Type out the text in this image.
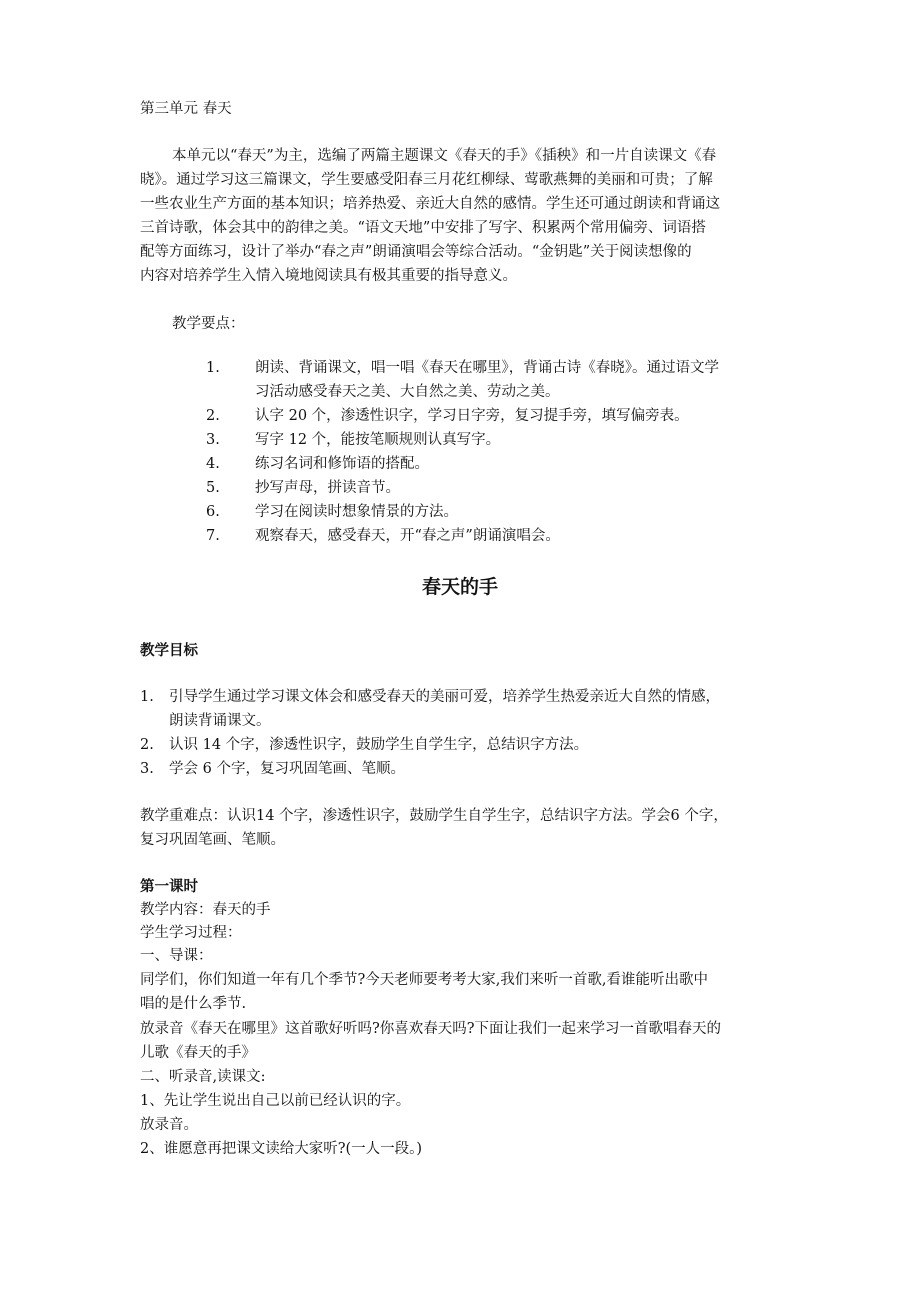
第三单元 春天
本单元以“春天”为主，选编了两篇主题课文《春天的手》《插秧》和一片自读课文《春
晓》。通过学习这三篇课文，学生要感受阳春三月花红柳绿、莺歌燕舞的美丽和可贵；了解
一些农业生产方面的基本知识；培养热爱、亲近大自然的感情。学生还可通过朗读和背诵这
三首诗歌，体会其中的韵律之美。“语文天地”中安排了写字、积累两个常用偏旁、词语搭
配等方面练习，设计了举办“春之声”朗诵演唱会等综合活动。“金钥匙”关于阅读想像的
内容对培养学生入情入境地阅读具有极其重要的指导意义。
教学要点：
1. 朗读、背诵课文，唱一唱《春天在哪里》，背诵古诗《春晓》。通过语文学
习活动感受春天之美、大自然之美、劳动之美。
2. 认字 20 个，渗透性识字，学习日字旁，复习提手旁，填写偏旁表。
3. 写字 12 个，能按笔顺规则认真写字。
4. 练习名词和修饰语的搭配。
5. 抄写声母，拼读音节。
6. 学习在阅读时想象情景的方法。
7. 观察春天，感受春天，开“春之声”朗诵演唱会。
春天的手
教学目标
1. 引导学生通过学习课文体会和感受春天的美丽可爱，培养学生热爱亲近大自然的情感，
朗读背诵课文。
2. 认识 14 个字，渗透性识字，鼓励学生自学生字，总结识字方法。
3. 学会 6 个字，复习巩固笔画、笔顺。
教学重难点：认识14 个字，渗透性识字，鼓励学生自学生字，总结识字方法。学会6 个字，
复习巩固笔画、笔顺。
第一课时
教学内容：春天的手
学生学习过程：
一、导课：
同学们，你们知道一年有几个季节?今天老师要考考大家,我们来听一首歌,看谁能听出歌中
唱的是什么季节.
放录音《春天在哪里》这首歌好听吗?你喜欢春天吗?下面让我们一起来学习一首歌唱春天的
儿歌《春天的手》
二、听录音,读课文:
1、先让学生说出自己以前已经认识的字。
放录音。
2、谁愿意再把课文读给大家听?(一人一段。)
